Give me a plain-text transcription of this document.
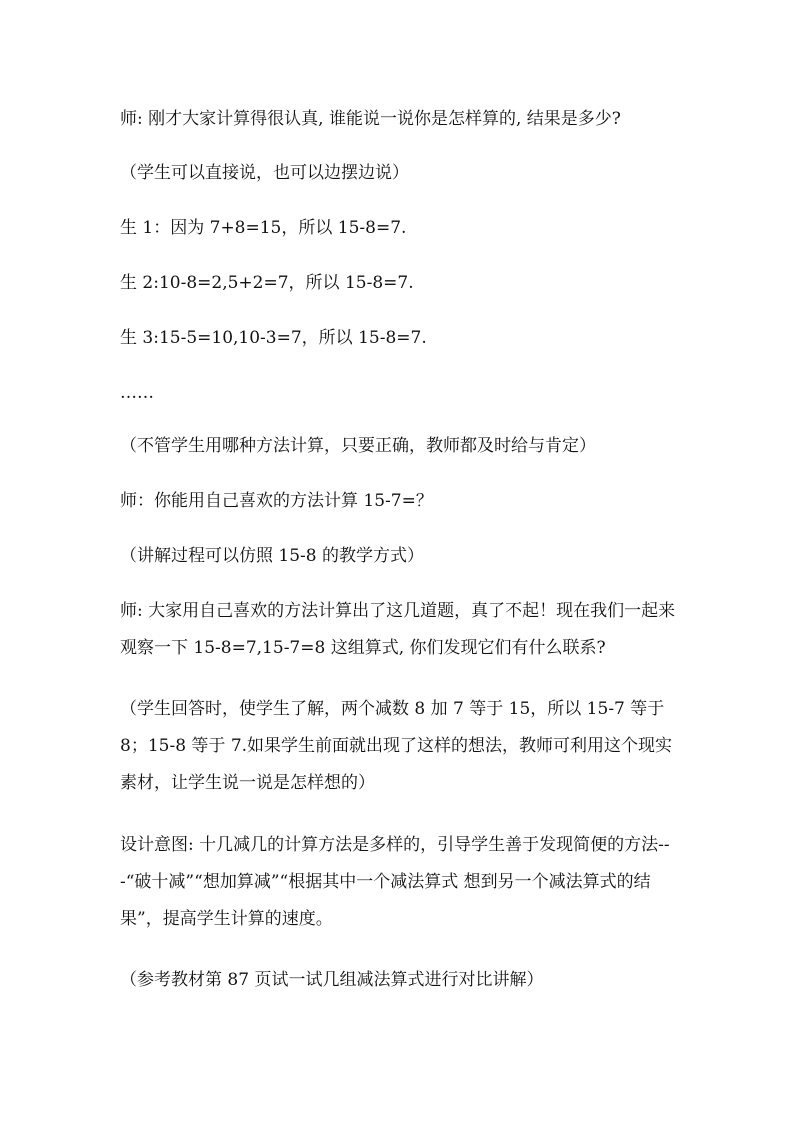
师: 刚才大家计算得很认真, 谁能说一说你是怎样算的, 结果是多少?
（学生可以直接说，也可以边摆边说）
生 1：因为 7+8=15，所以 15-8=7.
生 2:10-8=2,5+2=7，所以 15-8=7.
生 3:15-5=10,10-3=7，所以 15-8=7.
……
（不管学生用哪种方法计算，只要正确，教师都及时给与肯定）
师：你能用自己喜欢的方法计算 15-7=？
（讲解过程可以仿照 15-8 的教学方式）
师: 大家用自己喜欢的方法计算出了这几道题，真了不起！现在我们一起来观察一下 15-8=7,15-7=8 这组算式, 你们发现它们有什么联系?
（学生回答时，使学生了解，两个减数 8 加 7 等于 15，所以 15-7 等于 8；15-8 等于 7.如果学生前面就出现了这样的想法，教师可利用这个现实素材，让学生说一说是怎样想的）
设计意图: 十几减几的计算方法是多样的，引导学生善于发现简便的方法---“破十减”“想加算减”“根据其中一个减法算式 想到另一个减法算式的结果”，提高学生计算的速度。
（参考教材第 87 页试一试几组减法算式进行对比讲解）
